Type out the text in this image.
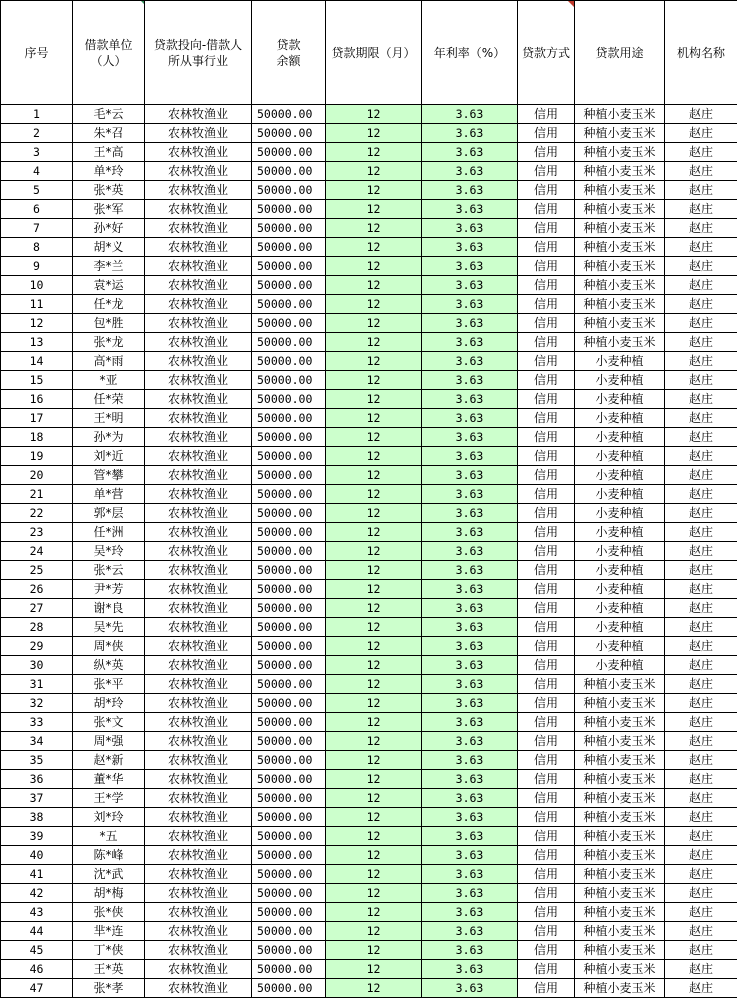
序号	借款单位（人）	贷款投向-借款人所从事行业	贷款余额	贷款期限（月）	年利率（%）	贷款方式	贷款用途	机构名称
1	毛*云	农林牧渔业	50000.00	12	3.63	信用	种植小麦玉米	赵庄
2	朱*召	农林牧渔业	50000.00	12	3.63	信用	种植小麦玉米	赵庄
3	王*高	农林牧渔业	50000.00	12	3.63	信用	种植小麦玉米	赵庄
4	单*玲	农林牧渔业	50000.00	12	3.63	信用	种植小麦玉米	赵庄
5	张*英	农林牧渔业	50000.00	12	3.63	信用	种植小麦玉米	赵庄
6	张*军	农林牧渔业	50000.00	12	3.63	信用	种植小麦玉米	赵庄
7	孙*好	农林牧渔业	50000.00	12	3.63	信用	种植小麦玉米	赵庄
8	胡*义	农林牧渔业	50000.00	12	3.63	信用	种植小麦玉米	赵庄
9	李*兰	农林牧渔业	50000.00	12	3.63	信用	种植小麦玉米	赵庄
10	袁*运	农林牧渔业	50000.00	12	3.63	信用	种植小麦玉米	赵庄
11	任*龙	农林牧渔业	50000.00	12	3.63	信用	种植小麦玉米	赵庄
12	包*胜	农林牧渔业	50000.00	12	3.63	信用	种植小麦玉米	赵庄
13	张*龙	农林牧渔业	50000.00	12	3.63	信用	种植小麦玉米	赵庄
14	高*雨	农林牧渔业	50000.00	12	3.63	信用	小麦种植	赵庄
15	*亚	农林牧渔业	50000.00	12	3.63	信用	小麦种植	赵庄
16	任*荣	农林牧渔业	50000.00	12	3.63	信用	小麦种植	赵庄
17	王*明	农林牧渔业	50000.00	12	3.63	信用	小麦种植	赵庄
18	孙*为	农林牧渔业	50000.00	12	3.63	信用	小麦种植	赵庄
19	刘*近	农林牧渔业	50000.00	12	3.63	信用	小麦种植	赵庄
20	管*攀	农林牧渔业	50000.00	12	3.63	信用	小麦种植	赵庄
21	单*营	农林牧渔业	50000.00	12	3.63	信用	小麦种植	赵庄
22	郭*层	农林牧渔业	50000.00	12	3.63	信用	小麦种植	赵庄
23	任*洲	农林牧渔业	50000.00	12	3.63	信用	小麦种植	赵庄
24	吴*玲	农林牧渔业	50000.00	12	3.63	信用	小麦种植	赵庄
25	张*云	农林牧渔业	50000.00	12	3.63	信用	小麦种植	赵庄
26	尹*芳	农林牧渔业	50000.00	12	3.63	信用	小麦种植	赵庄
27	谢*良	农林牧渔业	50000.00	12	3.63	信用	小麦种植	赵庄
28	吴*先	农林牧渔业	50000.00	12	3.63	信用	小麦种植	赵庄
29	周*侠	农林牧渔业	50000.00	12	3.63	信用	小麦种植	赵庄
30	纵*英	农林牧渔业	50000.00	12	3.63	信用	小麦种植	赵庄
31	张*平	农林牧渔业	50000.00	12	3.63	信用	种植小麦玉米	赵庄
32	胡*玲	农林牧渔业	50000.00	12	3.63	信用	种植小麦玉米	赵庄
33	张*文	农林牧渔业	50000.00	12	3.63	信用	种植小麦玉米	赵庄
34	周*强	农林牧渔业	50000.00	12	3.63	信用	种植小麦玉米	赵庄
35	赵*新	农林牧渔业	50000.00	12	3.63	信用	种植小麦玉米	赵庄
36	董*华	农林牧渔业	50000.00	12	3.63	信用	种植小麦玉米	赵庄
37	王*学	农林牧渔业	50000.00	12	3.63	信用	种植小麦玉米	赵庄
38	刘*玲	农林牧渔业	50000.00	12	3.63	信用	种植小麦玉米	赵庄
39	*五	农林牧渔业	50000.00	12	3.63	信用	种植小麦玉米	赵庄
40	陈*峰	农林牧渔业	50000.00	12	3.63	信用	种植小麦玉米	赵庄
41	沈*武	农林牧渔业	50000.00	12	3.63	信用	种植小麦玉米	赵庄
42	胡*梅	农林牧渔业	50000.00	12	3.63	信用	种植小麦玉米	赵庄
43	张*侠	农林牧渔业	50000.00	12	3.63	信用	种植小麦玉米	赵庄
44	芈*连	农林牧渔业	50000.00	12	3.63	信用	种植小麦玉米	赵庄
45	丁*侠	农林牧渔业	50000.00	12	3.63	信用	种植小麦玉米	赵庄
46	王*英	农林牧渔业	50000.00	12	3.63	信用	种植小麦玉米	赵庄
47	张*孝	农林牧渔业	50000.00	12	3.63	信用	种植小麦玉米	赵庄
